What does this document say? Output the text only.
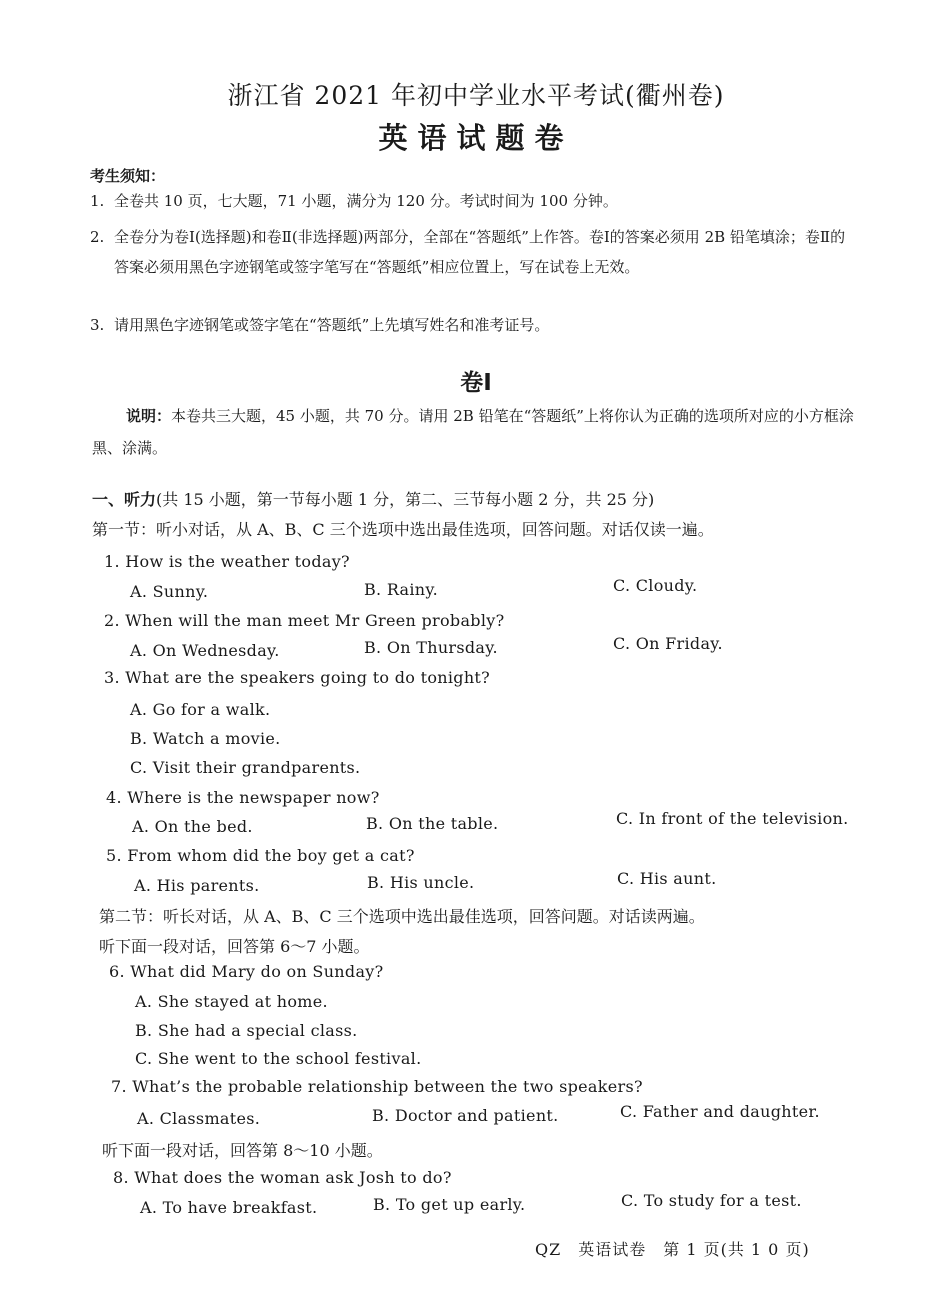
浙江省 2021 年初中学业水平考试(衢州卷)
英语试题卷
考生须知：
1. 全卷共 10 页，七大题，71 小题，满分为 120 分。考试时间为 100 分钟。
2. 全卷分为卷Ⅰ(选择题)和卷Ⅱ(非选择题)两部分，全部在“答题纸”上作答。卷Ⅰ的答案必须用 2B 铅笔填涂；卷Ⅱ的答案必须用黑色字迹钢笔或签字笔写在“答题纸”相应位置上，写在试卷上无效。
3. 请用黑色字迹钢笔或签字笔在“答题纸”上先填写姓名和准考证号。
卷Ⅰ
说明：本卷共三大题，45 小题，共 70 分。请用 2B 铅笔在“答题纸”上将你认为正确的选项所对应的小方框涂黑、涂满。
一、听力(共 15 小题，第一节每小题 1 分，第二、三节每小题 2 分，共 25 分)
第一节：听小对话，从 A、B、C 三个选项中选出最佳选项，回答问题。对话仅读一遍。
1. How is the weather today?
A. Sunny.	B. Rainy.	C. Cloudy.
2. When will the man meet Mr Green probably?
A. On Wednesday.	B. On Thursday.	C. On Friday.
3. What are the speakers going to do tonight?
A. Go for a walk.
B. Watch a movie.
C. Visit their grandparents.
4. Where is the newspaper now?
A. On the bed.	B. On the table.	C. In front of the television.
5. From whom did the boy get a cat?
A. His parents.	B. His uncle.	C. His aunt.
第二节：听长对话，从 A、B、C 三个选项中选出最佳选项，回答问题。对话读两遍。
听下面一段对话，回答第 6～7 小题。
6. What did Mary do on Sunday?
A. She stayed at home.
B. She had a special class.
C. She went to the school festival.
7. What’s the probable relationship between the two speakers?
A. Classmates.	B. Doctor and patient.	C. Father and daughter.
听下面一段对话，回答第 8～10 小题。
8. What does the woman ask Josh to do?
A. To have breakfast.	B. To get up early.	C. To study for a test.
QZ　英语试卷　第 1 页(共 1 0 页)
